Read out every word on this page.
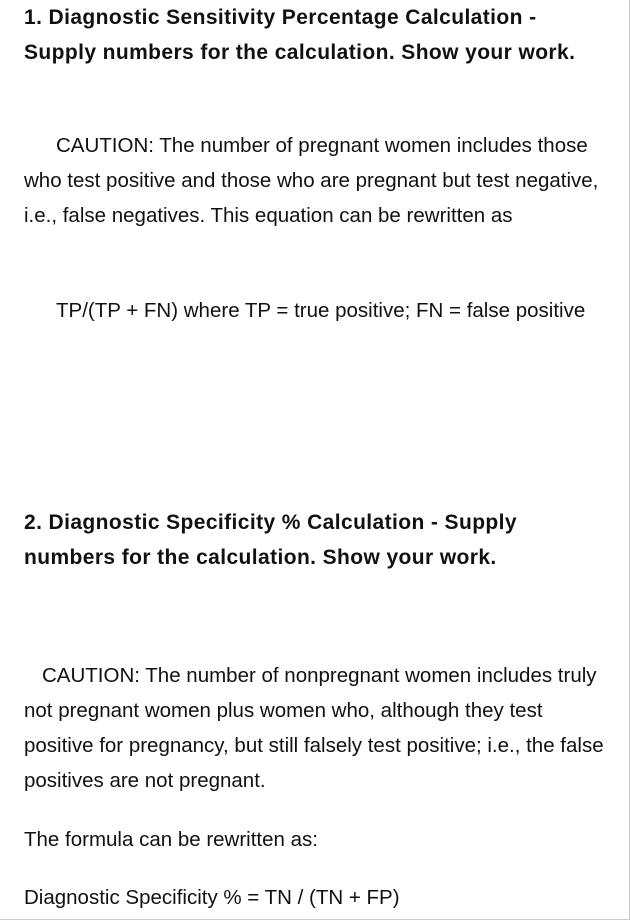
1. Diagnostic Sensitivity Percentage Calculation - Supply numbers for the calculation. Show your work.

CAUTION: The number of pregnant women includes those who test positive and those who are pregnant but test negative, i.e., false negatives. This equation can be rewritten as

TP/(TP + FN) where TP = true positive; FN = false positive

2. Diagnostic Specificity % Calculation - Supply numbers for the calculation. Show your work.

CAUTION: The number of nonpregnant women includes truly not pregnant women plus women who, although they test positive for pregnancy, but still falsely test positive; i.e., the false positives are not pregnant.

The formula can be rewritten as:

Diagnostic Specificity % = TN / (TN + FP)
